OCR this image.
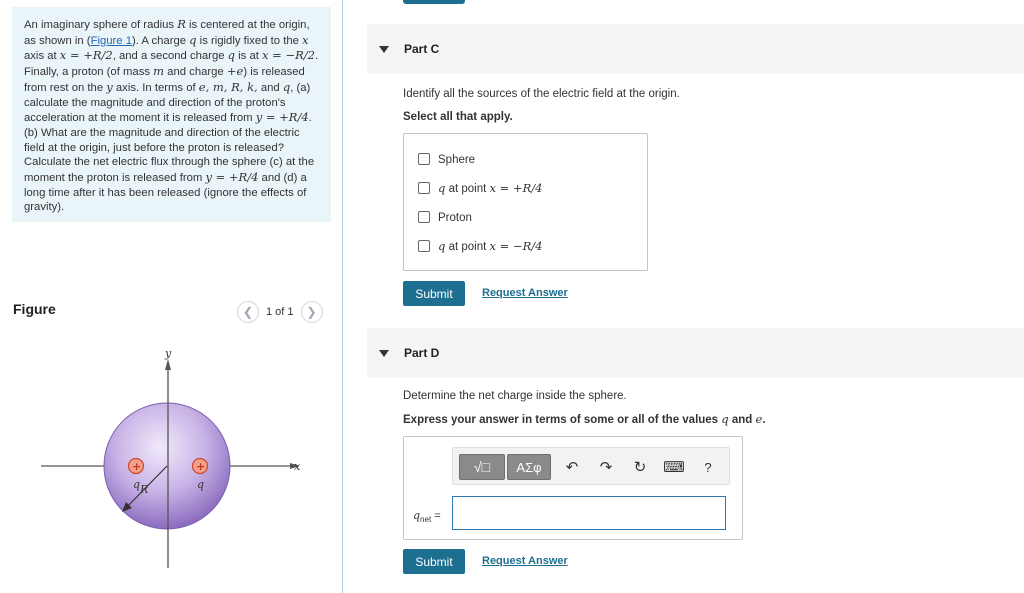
An imaginary sphere of radius R is centered at the origin, as shown in (Figure 1). A charge q is rigidly fixed to the x axis at x = +R/2, and a second charge q is at x = −R/2. Finally, a proton (of mass m and charge +e) is released from rest on the y axis. In terms of e, m, R, k, and q, (a) calculate the magnitude and direction of the proton's acceleration at the moment it is released from y = +R/4. (b) What are the magnitude and direction of the electric field at the origin, just before the proton is released? Calculate the net electric flux through the sphere (c) at the moment the proton is released from y = +R/4 and (d) a long time after it has been released (ignore the effects of gravity).
Figure	❮ 1 of 1 ❯
y
x
R
+	+
q	q
Part C
Identify all the sources of the electric field at the origin.
Select all that apply.
Sphere
q at point x = +R/4
Proton
q at point x = −R/4
Submit	Request Answer
Part D
Determine the net charge inside the sphere.
Express your answer in terms of some or all of the values q and e.
√□ ΑΣφ ↶ ↷ ↻ ⌨	?
$q_{net}$ =
Submit	Request Answer
